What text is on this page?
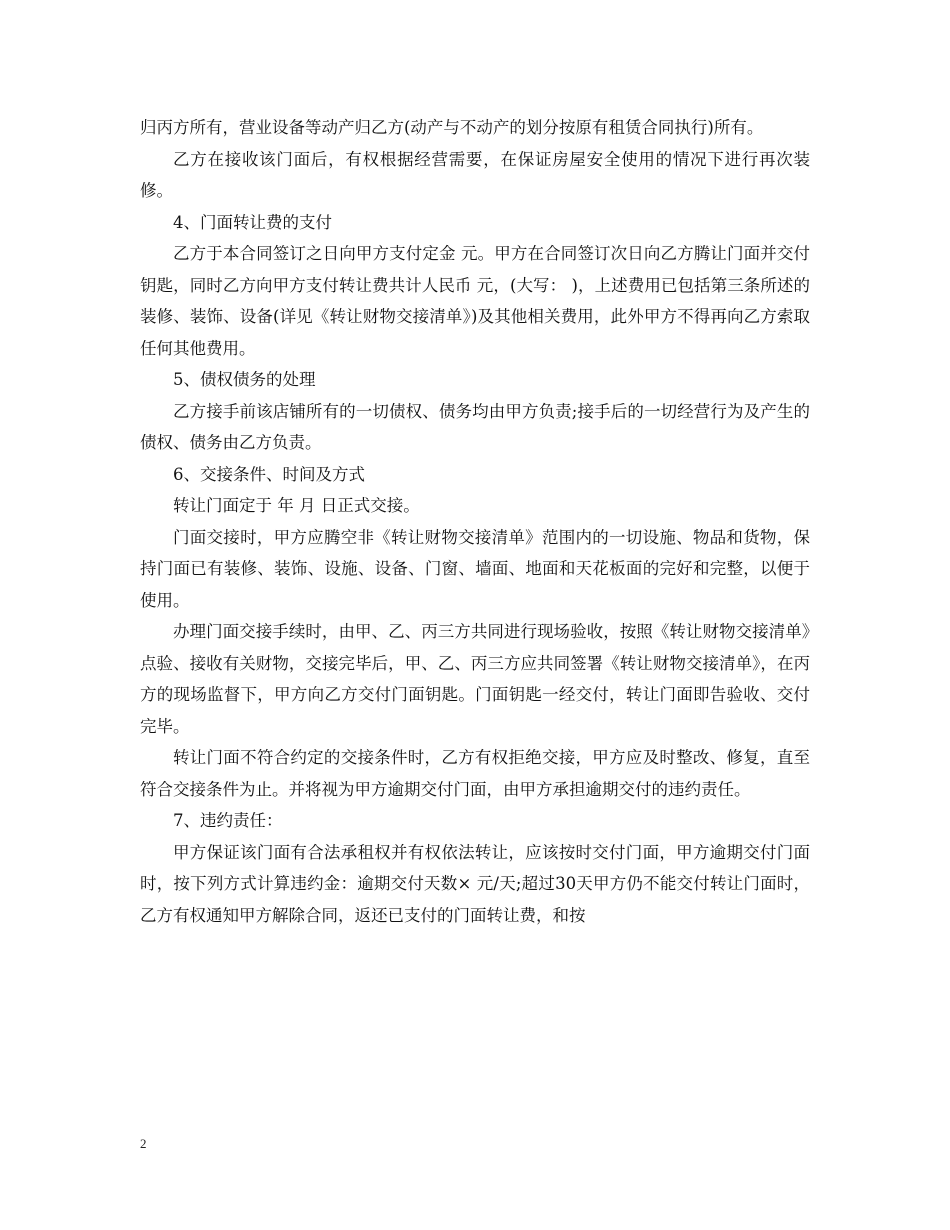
归丙方所有，营业设备等动产归乙方(动产与不动产的划分按原有租赁合同执行)所有。

乙方在接收该门面后，有权根据经营需要，在保证房屋安全使用的情况下进行再次装修。

4、门面转让费的支付

乙方于本合同签订之日向甲方支付定金 元。甲方在合同签订次日向乙方腾让门面并交付钥匙，同时乙方向甲方支付转让费共计人民币 元，(大写： )，上述费用已包括第三条所述的装修、装饰、设备(详见《转让财物交接清单》)及其他相关费用，此外甲方不得再向乙方索取任何其他费用。

5、债权债务的处理

乙方接手前该店铺所有的一切债权、债务均由甲方负责;接手后的一切经营行为及产生的债权、债务由乙方负责。

6、交接条件、时间及方式

转让门面定于 年 月 日正式交接。

门面交接时，甲方应腾空非《转让财物交接清单》范围内的一切设施、物品和货物，保持门面已有装修、装饰、设施、设备、门窗、墙面、地面和天花板面的完好和完整，以便于使用。

办理门面交接手续时，由甲、乙、丙三方共同进行现场验收，按照《转让财物交接清单》点验、接收有关财物，交接完毕后，甲、乙、丙三方应共同签署《转让财物交接清单》，在丙方的现场监督下，甲方向乙方交付门面钥匙。门面钥匙一经交付，转让门面即告验收、交付完毕。

转让门面不符合约定的交接条件时，乙方有权拒绝交接，甲方应及时整改、修复，直至符合交接条件为止。并将视为甲方逾期交付门面，由甲方承担逾期交付的违约责任。

7、违约责任：

甲方保证该门面有合法承租权并有权依法转让，应该按时交付门面，甲方逾期交付门面时，按下列方式计算违约金：逾期交付天数× 元/天;超过30天甲方仍不能交付转让门面时，乙方有权通知甲方解除合同，返还已支付的门面转让费，和按

2
